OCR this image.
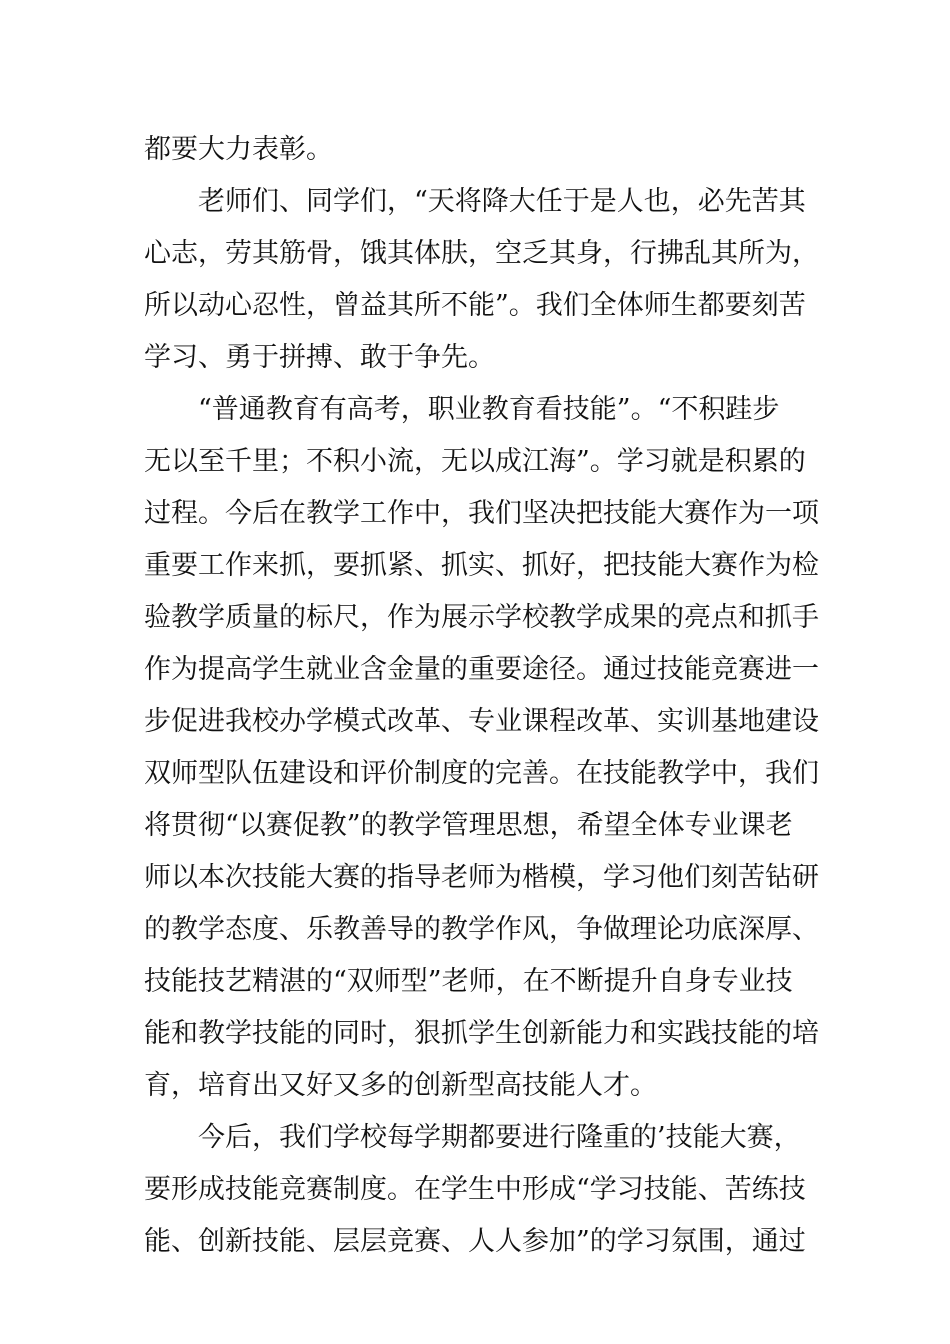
都要大力表彰。
　　老师们、同学们，“天将降大任于是人也，必先苦其
心志，劳其筋骨，饿其体肤，空乏其身，行拂乱其所为，
所以动心忍性，曾益其所不能”。我们全体师生都要刻苦
学习、勇于拼搏、敢于争先。
　　“普通教育有高考，职业教育看技能”。“不积跬步
无以至千里；不积小流，无以成江海”。学习就是积累的
过程。今后在教学工作中，我们坚决把技能大赛作为一项
重要工作来抓，要抓紧、抓实、抓好，把技能大赛作为检
验教学质量的标尺，作为展示学校教学成果的亮点和抓手
作为提高学生就业含金量的重要途径。通过技能竞赛进一
步促进我校办学模式改革、专业课程改革、实训基地建设
双师型队伍建设和评价制度的完善。在技能教学中，我们
将贯彻“以赛促教”的教学管理思想，希望全体专业课老
师以本次技能大赛的指导老师为楷模，学习他们刻苦钻研
的教学态度、乐教善导的教学作风，争做理论功底深厚、
技能技艺精湛的“双师型”老师，在不断提升自身专业技
能和教学技能的同时，狠抓学生创新能力和实践技能的培
育，培育出又好又多的创新型高技能人才。
　　今后，我们学校每学期都要进行隆重的’技能大赛，
要形成技能竞赛制度。在学生中形成“学习技能、苦练技
能、创新技能、层层竞赛、人人参加”的学习氛围，通过
